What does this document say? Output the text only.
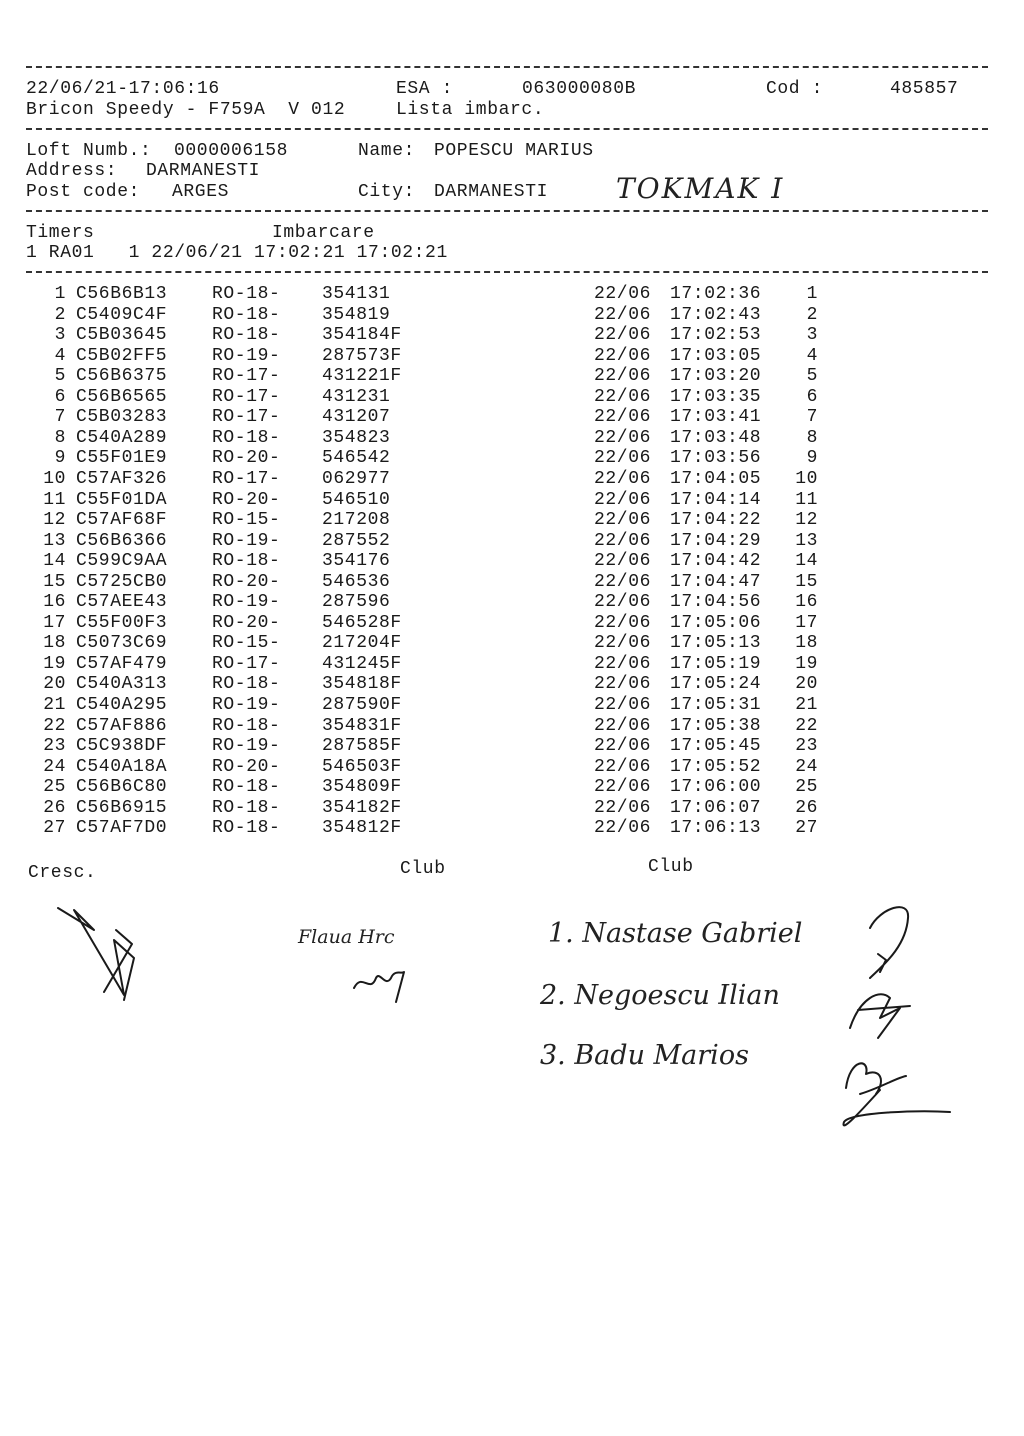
22/06/21-17:06:16	ESA :	063000080B	Cod :	485857
Bricon Speedy - F759A  V 012	Lista imbarc.
Loft Numb.: 0000006158	Name: POPESCU MARIUS
Address: DARMANESTI
Post code: ARGES	City: DARMANESTI TOKMAK I
Timers	Imbarcare
1 RA01   1 22/06/21 17:02:21 17:02:21
1 C56B6B13 RO-18- 354131	22/06 17:02:36	1
2 C5409C4F RO-18- 354819	22/06 17:02:43	2
3 C5B03645 RO-18- 354184F	22/06 17:02:53	3
4 C5B02FF5 RO-19- 287573F	22/06 17:03:05	4
5 C56B6375 RO-17- 431221F	22/06 17:03:20	5
6 C56B6565 RO-17- 431231	22/06 17:03:35	6
7 C5B03283 RO-17- 431207	22/06 17:03:41	7
8 C540A289 RO-18- 354823	22/06 17:03:48	8
9 C55F01E9 RO-20- 546542	22/06 17:03:56	9
10 C57AF326 RO-17- 062977	22/06 17:04:05	10
11 C55F01DA RO-20- 546510	22/06 17:04:14	11
12 C57AF68F RO-15- 217208	22/06 17:04:22	12
13 C56B6366 RO-19- 287552	22/06 17:04:29	13
14 C599C9AA RO-18- 354176	22/06 17:04:42	14
15 C5725CB0 RO-20- 546536	22/06 17:04:47	15
16 C57AEE43 RO-19- 287596	22/06 17:04:56	16
17 C55F00F3 RO-20- 546528F	22/06 17:05:06	17
18 C5073C69 RO-15- 217204F	22/06 17:05:13	18
19 C57AF479 RO-17- 431245F	22/06 17:05:19	19
20 C540A313 RO-18- 354818F	22/06 17:05:24	20
21 C540A295 RO-19- 287590F	22/06 17:05:31	21
22 C57AF886 RO-18- 354831F	22/06 17:05:38	22
23 C5C938DF RO-19- 287585F	22/06 17:05:45	23
24 C540A18A RO-20- 546503F	22/06 17:05:52	24
25 C56B6C80 RO-18- 354809F	22/06 17:06:00	25
26 C56B6915 RO-18- 354182F	22/06 17:06:07	26
27 C57AF7D0 RO-18- 354812F	22/06 17:06:13	27
Cresc.	Club	Club
Flaua Hrc	1. Nastase Gabriel
2. Negoescu Ilian
3. Badu Marios
